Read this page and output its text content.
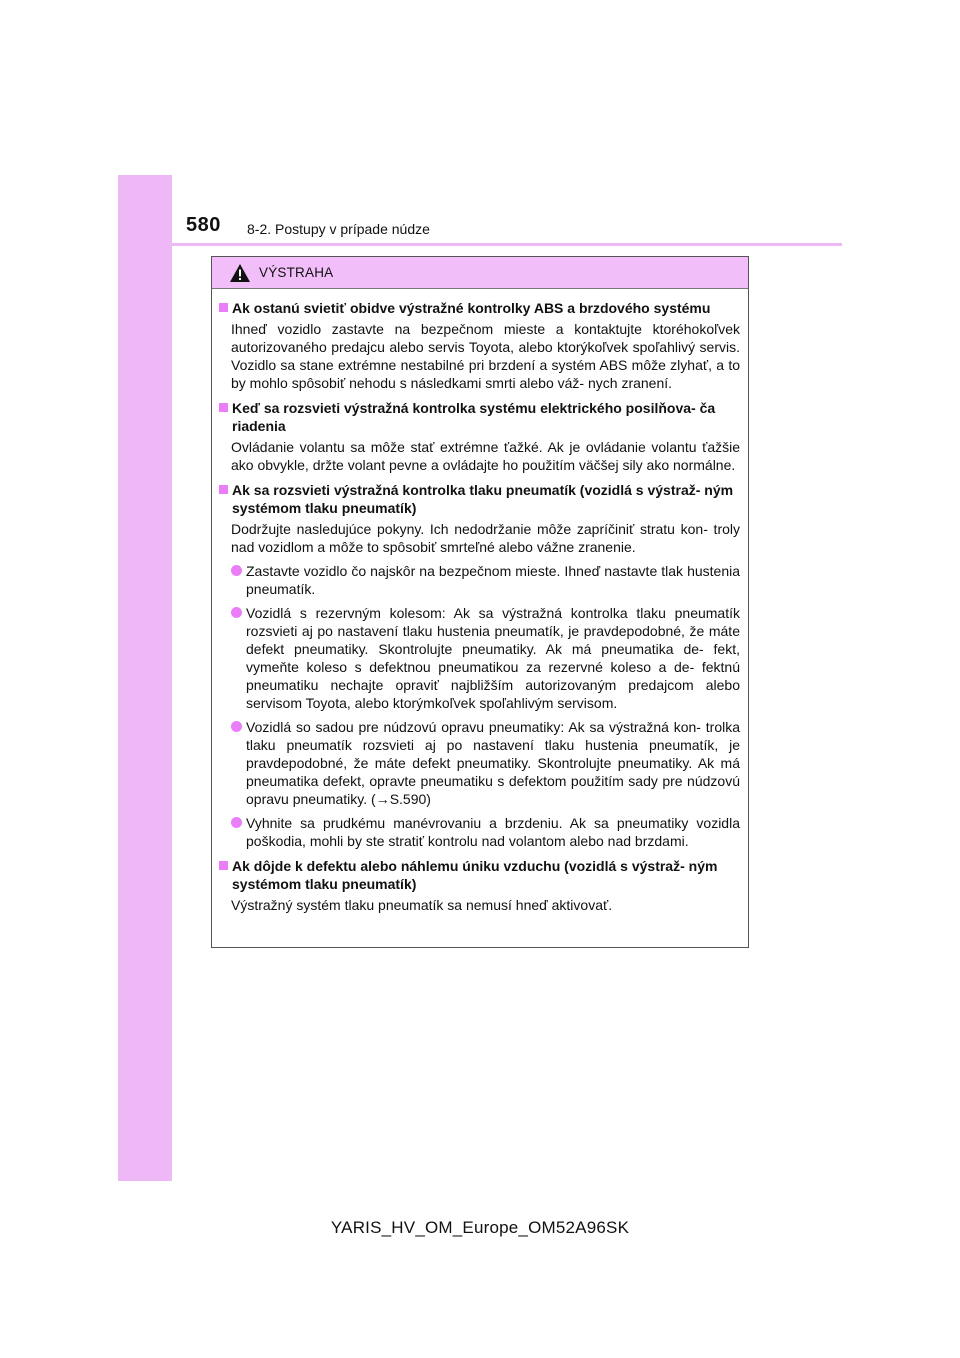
580 8-2. Postupy v prípade núdze
VÝSTRAHA
Ak ostanú svietiť obidve výstražné kontrolky ABS a brzdového systému
Ihneď vozidlo zastavte na bezpečnom mieste a kontaktujte ktoréhokoľvek autorizovaného predajcu alebo servis Toyota, alebo ktorýkoľvek spoľahlivý servis. Vozidlo sa stane extrémne nestabilné pri brzdení a systém ABS môže zlyhať, a to by mohlo spôsobiť nehodu s následkami smrti alebo váž- nych zranení.
Keď sa rozsvieti výstražná kontrolka systému elektrického posilňova- ča riadenia
Ovládanie volantu sa môže stať extrémne ťažké. Ak je ovládanie volantu ťažšie ako obvykle, držte volant pevne a ovládajte ho použitím väčšej sily ako normálne.
Ak sa rozsvieti výstražná kontrolka tlaku pneumatík (vozidlá s výstraž- ným systémom tlaku pneumatík)
Dodržujte nasledujúce pokyny. Ich nedodržanie môže zapríčiniť stratu kon- troly nad vozidlom a môže to spôsobiť smrteľné alebo vážne zranenie.
Zastavte vozidlo čo najskôr na bezpečnom mieste. Ihneď nastavte tlak hustenia pneumatík.
Vozidlá s rezervným kolesom: Ak sa výstražná kontrolka tlaku pneumatík rozsvieti aj po nastavení tlaku hustenia pneumatík, je pravdepodobné, že máte defekt pneumatiky. Skontrolujte pneumatiky. Ak má pneumatika de- fekt, vymeňte koleso s defektnou pneumatikou za rezervné koleso a de- fektnú pneumatiku nechajte opraviť najbližším autorizovaným predajcom alebo servisom Toyota, alebo ktorýmkoľvek spoľahlivým servisom.
Vozidlá so sadou pre núdzovú opravu pneumatiky: Ak sa výstražná kon- trolka tlaku pneumatík rozsvieti aj po nastavení tlaku hustenia pneumatík, je pravdepodobné, že máte defekt pneumatiky. Skontrolujte pneumatiky. Ak má pneumatika defekt, opravte pneumatiku s defektom použitím sady pre núdzovú opravu pneumatiky. (→S.590)
Vyhnite sa prudkému manévrovaniu a brzdeniu. Ak sa pneumatiky vozidla poškodia, mohli by ste stratiť kontrolu nad volantom alebo nad brzdami.
Ak dôjde k defektu alebo náhlemu úniku vzduchu (vozidlá s výstraž- ným systémom tlaku pneumatík)
Výstražný systém tlaku pneumatík sa nemusí hneď aktivovať.
YARIS_HV_OM_Europe_OM52A96SK
